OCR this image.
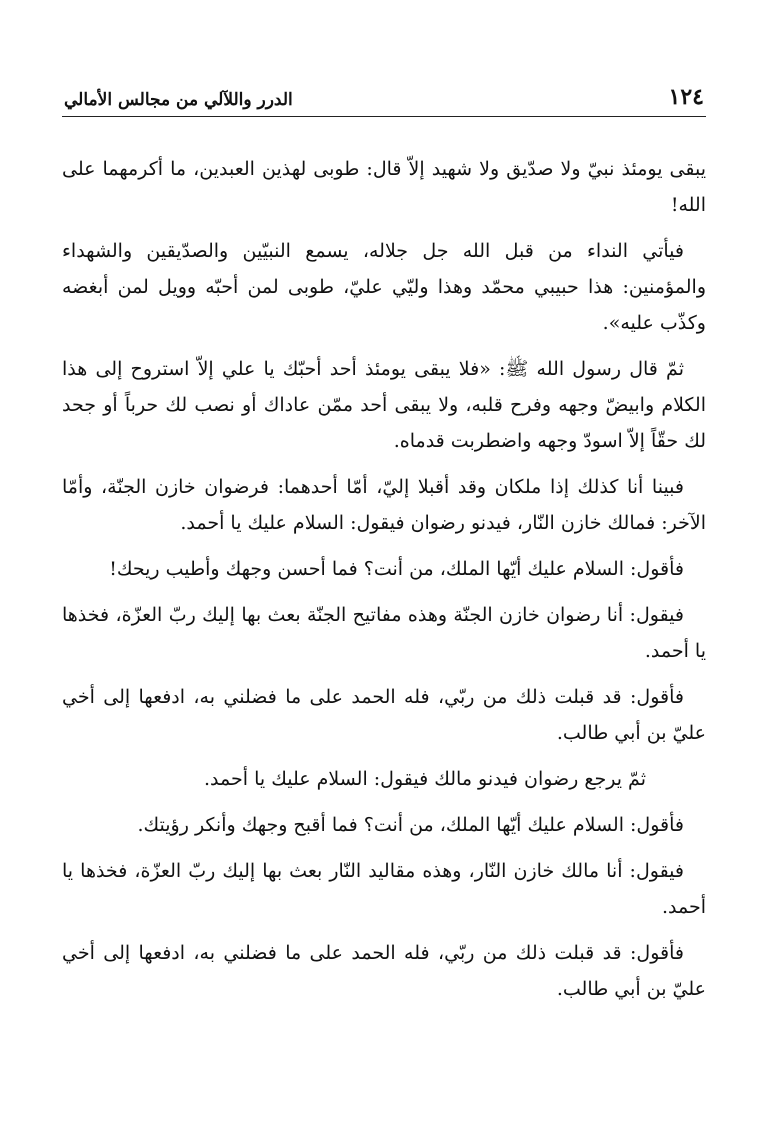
١٢٤
الدرر واللآلي من مجالس الأمالي

يبقى يومئذ نبيّ ولا صدّيق ولا شهيد إلاّ قال: طوبى لهذين العبدين، ما أكرمهما على الله!

فيأتي النداء من قبل الله جل جلاله، يسمع النبيّين والصدّيقين والشهداء والمؤمنين: هذا حبيبي محمّد وهذا وليّي عليّ، طوبى لمن أحبّه وويل لمن أبغضه وكذّب عليه».

ثمّ قال رسول الله ﷺ: «فلا يبقى يومئذ أحد أحبّك يا علي إلاّ استروح إلى هذا الكلام وابيضّ وجهه وفرح قلبه، ولا يبقى أحد ممّن عاداك أو نصب لك حرباً أو جحد لك حقّاً إلاّ اسودّ وجهه واضطربت قدماه.

فبينا أنا كذلك إذا ملكان وقد أقبلا إليّ، أمّا أحدهما: فرضوان خازن الجنّة، وأمّا الآخر: فمالك خازن النّار، فيدنو رضوان فيقول: السلام عليك يا أحمد.

فأقول: السلام عليك أيّها الملك، من أنت؟ فما أحسن وجهك وأطيب ريحك!

فيقول: أنا رضوان خازن الجنّة وهذه مفاتيح الجنّة بعث بها إليك ربّ العزّة، فخذها يا أحمد.

فأقول: قد قبلت ذلك من ربّي، فله الحمد على ما فضلني به، ادفعها إلى أخي عليّ بن أبي طالب.

ثمّ يرجع رضوان فيدنو مالك فيقول: السلام عليك يا أحمد.

فأقول: السلام عليك أيّها الملك، من أنت؟ فما أقبح وجهك وأنكر رؤيتك.

فيقول: أنا مالك خازن النّار، وهذه مقاليد النّار بعث بها إليك ربّ العزّة، فخذها يا أحمد.

فأقول: قد قبلت ذلك من ربّي، فله الحمد على ما فضلني به، ادفعها إلى أخي عليّ بن أبي طالب.
